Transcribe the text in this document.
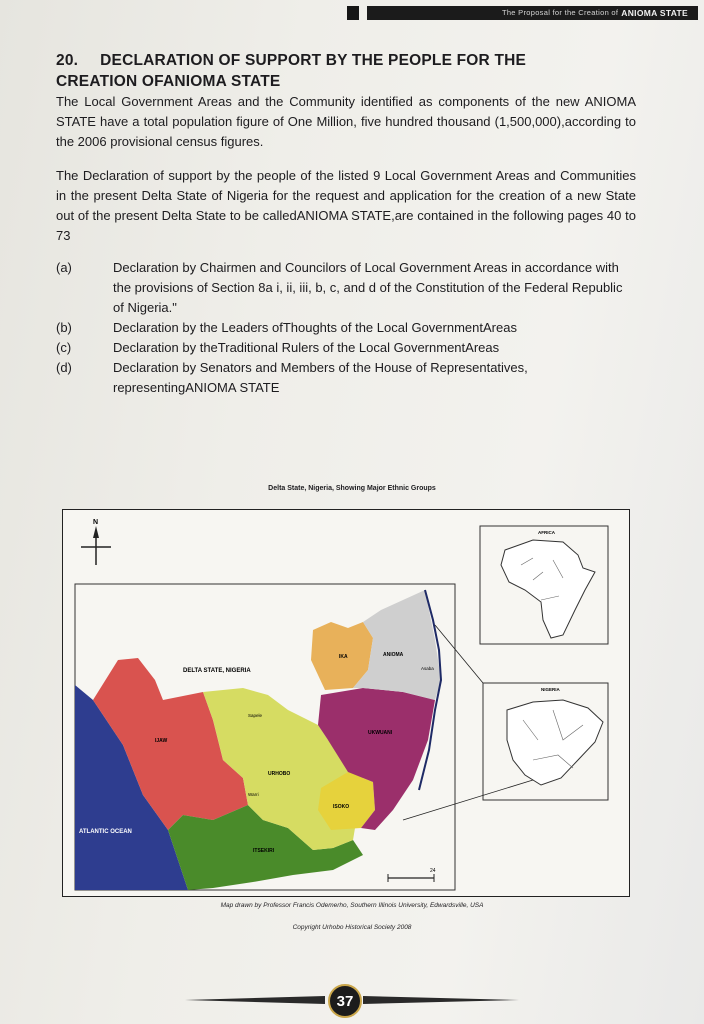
The Proposal for the Creation of ANIOMA STATE

20. DECLARATION OF SUPPORT BY THE PEOPLE FOR THE
CREATION OFANIOMA STATE

The Local Government Areas and the Community identified as components of the new ANIOMA STATE have a total population figure of One Million, five hundred thousand (1,500,000),according to the 2006 provisional census figures.

The Declaration of support by the people of the listed 9 Local Government Areas and Communities in the present Delta State of Nigeria for the request and application for the creation of a new State out of the present Delta State to be calledANIOMA STATE,are contained in the following pages 40 to 73

(a)	Declaration by Chairmen and Councilors of Local Government Areas in accordance with the provisions of Section 8a i, ii, iii, b, c, and d of the Constitution of the Federal Republic of Nigeria."
(b)	Declaration by the Leaders ofThoughts of the Local GovernmentAreas
(c)	Declaration by theTraditional Rulers of the Local GovernmentAreas
(d)	Declaration by Senators and Members of the House of Representatives, representingANIOMA STATE
Delta State, Nigeria, Showing Major Ethnic Groups
N
DELTA STATE, NIGERIA
IKA	ANIOMA
Asaba
IJAW
URHOBO
ISOKO
UKWUANI
ITSEKIRI
Sapele
Warri
ATLANTIC OCEAN
24
AFRICA
NIGERIA
Map drawn by Professor Francis Odemerho, Southern Illinois University, Edwardsville, USA
Copyright Urhobo Historical Society 2008
37
